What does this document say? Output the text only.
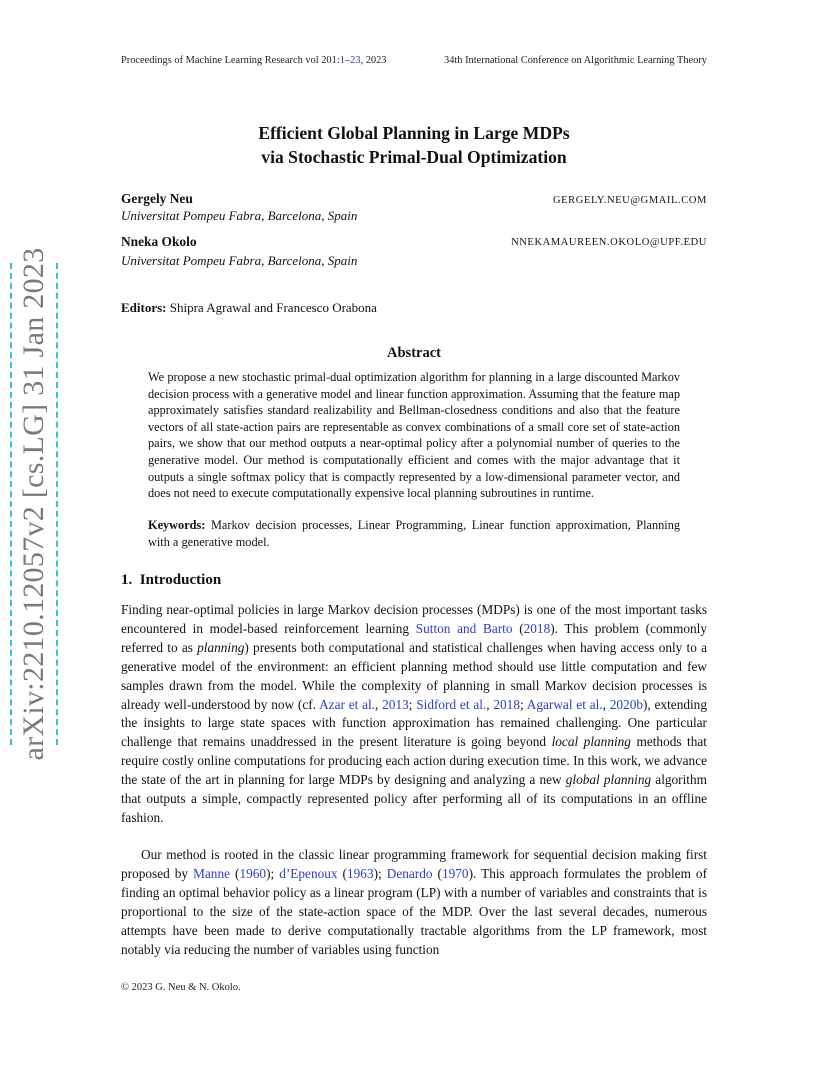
Proceedings of Machine Learning Research vol 201:1–23, 2023	34th International Conference on Algorithmic Learning Theory
Efficient Global Planning in Large MDPs
via Stochastic Primal-Dual Optimization
Gergely Neu	GERGELY.NEU@GMAIL.COM
Universitat Pompeu Fabra, Barcelona, Spain
Nneka Okolo	NNEKAMAUREEN.OKOLO@UPF.EDU
Universitat Pompeu Fabra, Barcelona, Spain
Editors: Shipra Agrawal and Francesco Orabona
Abstract
We propose a new stochastic primal-dual optimization algorithm for planning in a large discounted Markov decision process with a generative model and linear function approximation. Assuming that the feature map approximately satisfies standard realizability and Bellman-closedness conditions and also that the feature vectors of all state-action pairs are representable as convex combinations of a small core set of state-action pairs, we show that our method outputs a near-optimal policy after a polynomial number of queries to the generative model. Our method is computationally efficient and comes with the major advantage that it outputs a single softmax policy that is compactly represented by a low-dimensional parameter vector, and does not need to execute computationally expensive local planning subroutines in runtime.
Keywords: Markov decision processes, Linear Programming, Linear function approximation, Planning with a generative model.
1. Introduction
Finding near-optimal policies in large Markov decision processes (MDPs) is one of the most important tasks encountered in model-based reinforcement learning Sutton and Barto (2018). This problem (commonly referred to as planning) presents both computational and statistical challenges when having access only to a generative model of the environment: an efficient planning method should use little computation and few samples drawn from the model. While the complexity of planning in small Markov decision processes is already well-understood by now (cf. Azar et al., 2013; Sidford et al., 2018; Agarwal et al., 2020b), extending the insights to large state spaces with function approximation has remained challenging. One particular challenge that remains unaddressed in the present literature is going beyond local planning methods that require costly online computations for producing each action during execution time. In this work, we advance the state of the art in planning for large MDPs by designing and analyzing a new global planning algorithm that outputs a simple, compactly represented policy after performing all of its computations in an offline fashion.
Our method is rooted in the classic linear programming framework for sequential decision making first proposed by Manne (1960); d’Epenoux (1963); Denardo (1970). This approach formulates the problem of finding an optimal behavior policy as a linear program (LP) with a number of variables and constraints that is proportional to the size of the state-action space of the MDP. Over the last several decades, numerous attempts have been made to derive computationally tractable algorithms from the LP framework, most notably via reducing the number of variables using function
© 2023 G. Neu & N. Okolo.
arXiv:2210.12057v2 [cs.LG] 31 Jan 2023
